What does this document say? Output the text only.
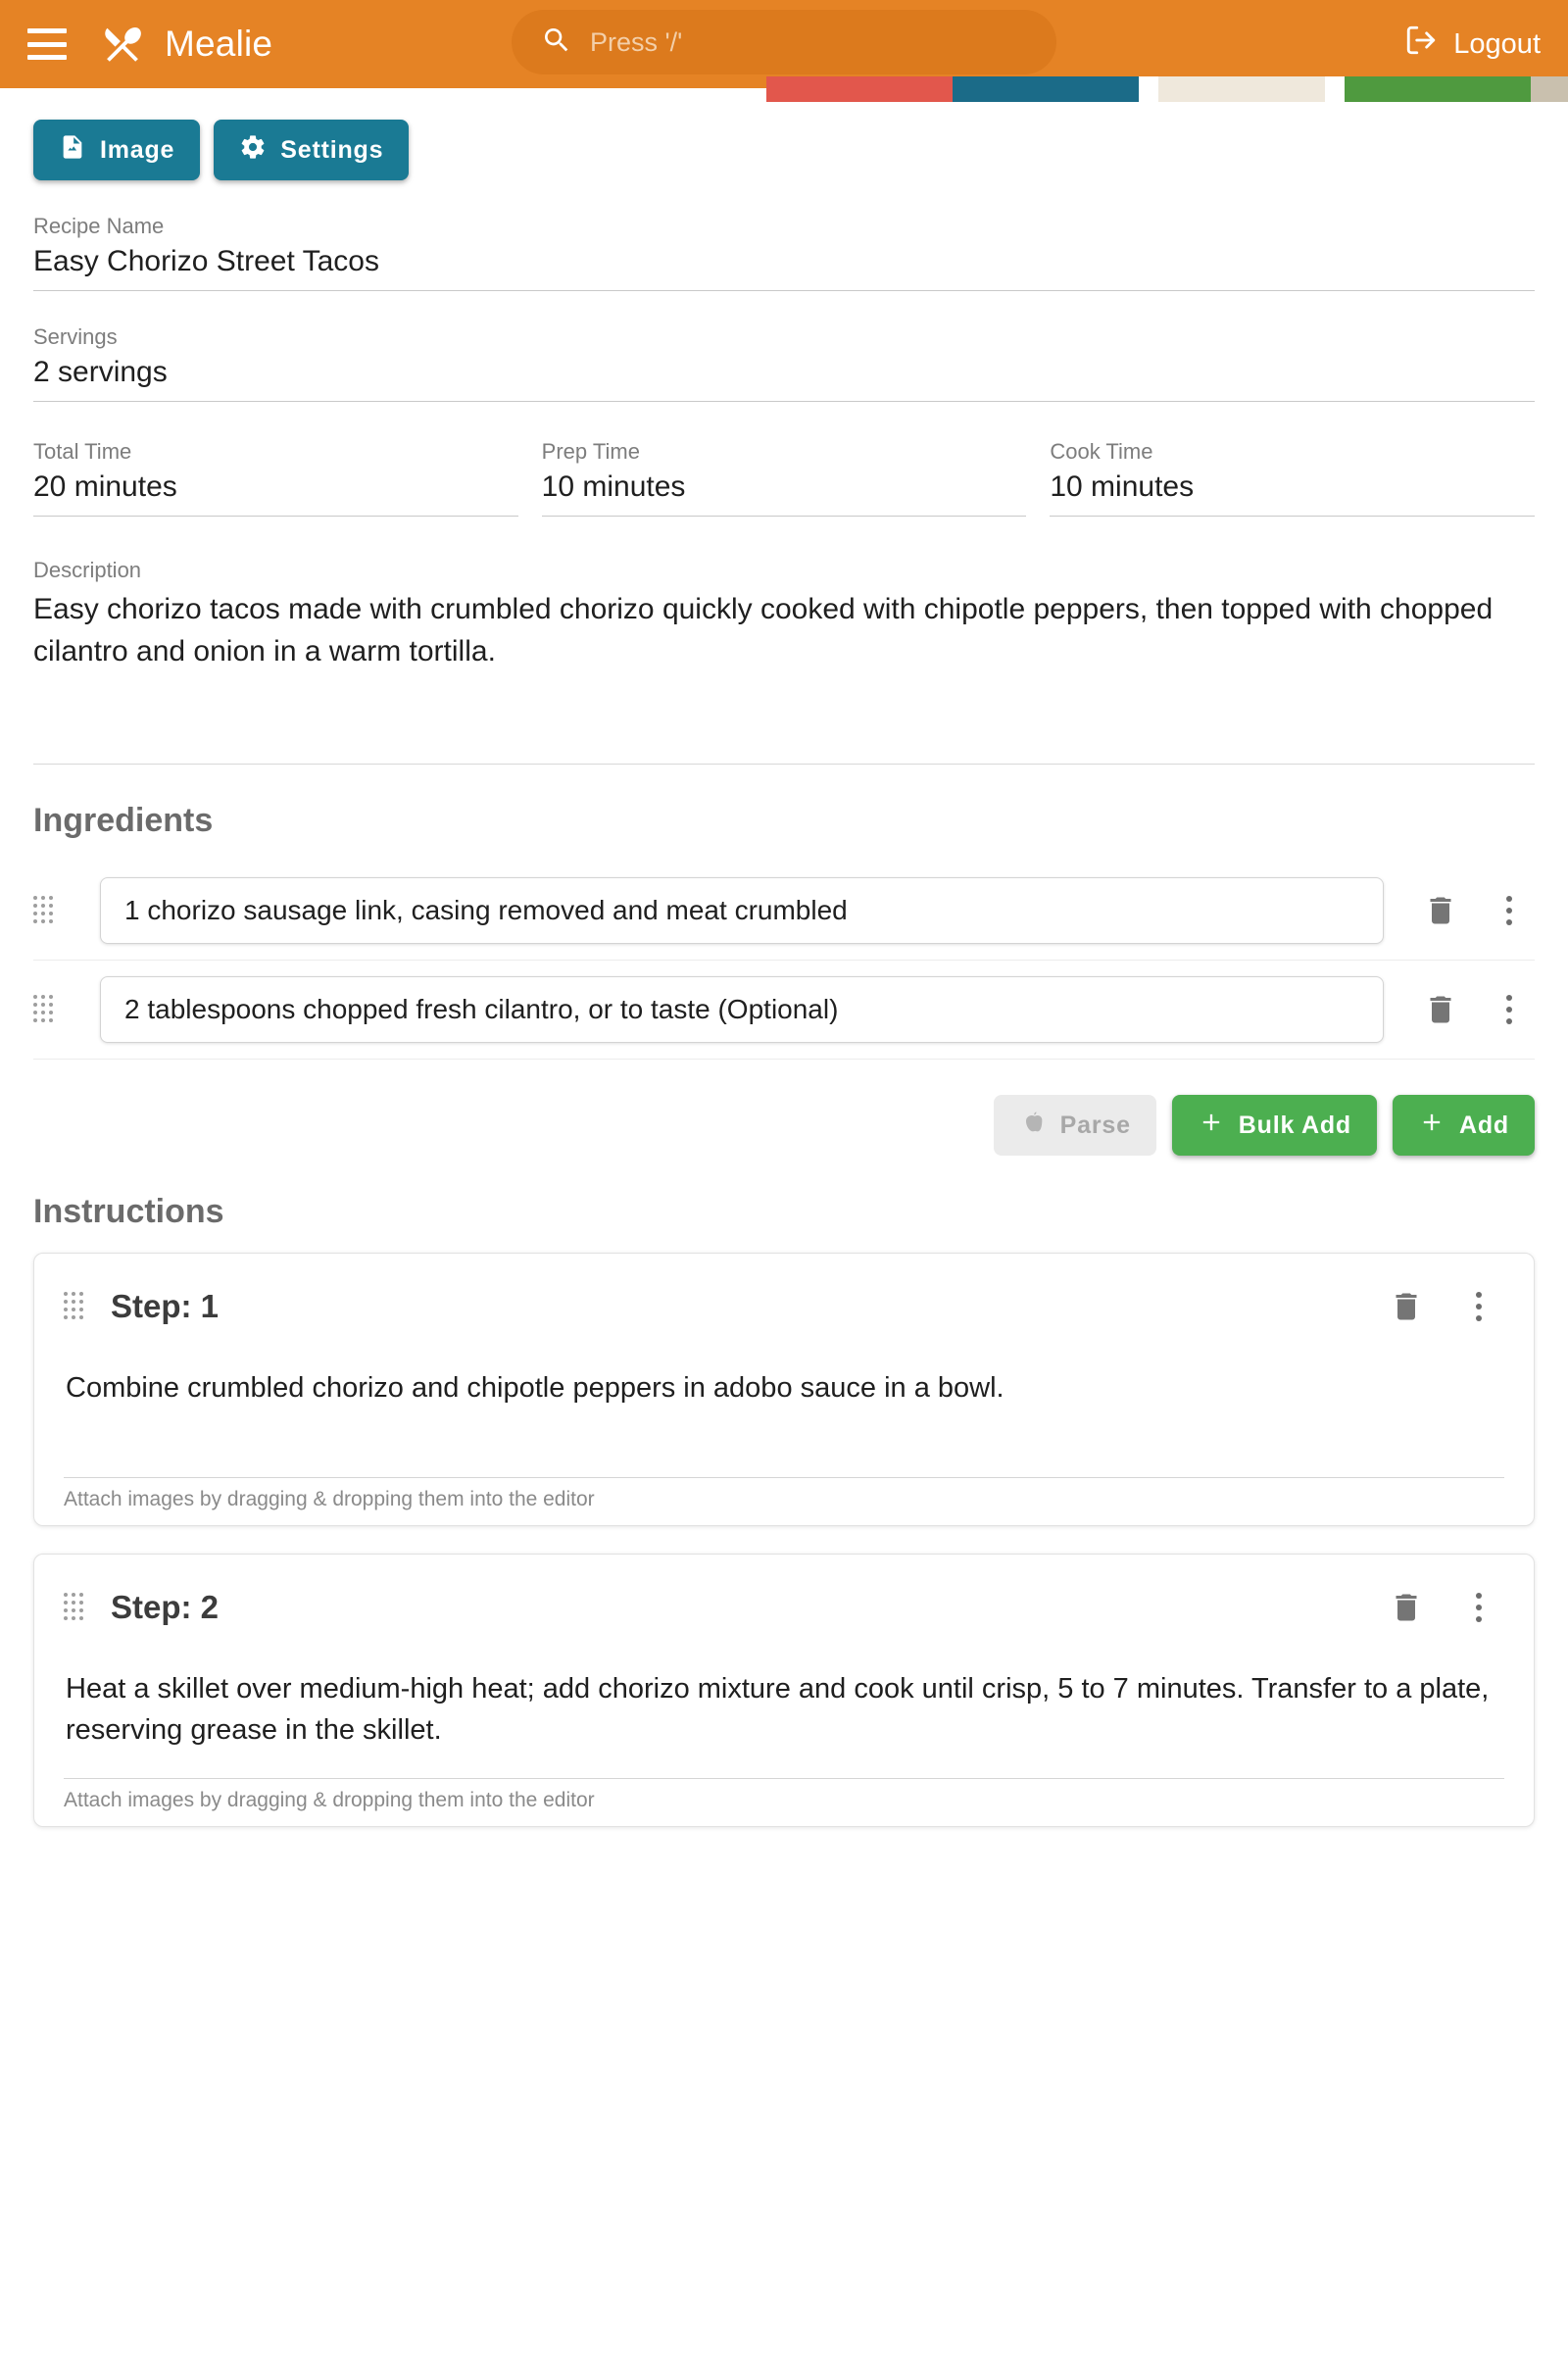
Mealie
Press '/'	Logout
Image	Settings
Recipe Name
Easy Chorizo Street Tacos
Servings
2 servings
Total Time
20 minutes
Prep Time
10 minutes
Cook Time
10 minutes
Description
Easy chorizo tacos made with crumbled chorizo quickly cooked with chipotle peppers, then topped with chopped cilantro and onion in a warm tortilla.
Ingredients
1 chorizo sausage link, casing removed and meat crumbled
2 tablespoons chopped fresh cilantro, or to taste (Optional)
Parse	Bulk Add	Add
Instructions
Step: 1
Combine crumbled chorizo and chipotle peppers in adobo sauce in a bowl.
Attach images by dragging & dropping them into the editor
Step: 2
Heat a skillet over medium-high heat; add chorizo mixture and cook until crisp, 5 to 7 minutes. Transfer to a plate, reserving grease in the skillet.
Attach images by dragging & dropping them into the editor
